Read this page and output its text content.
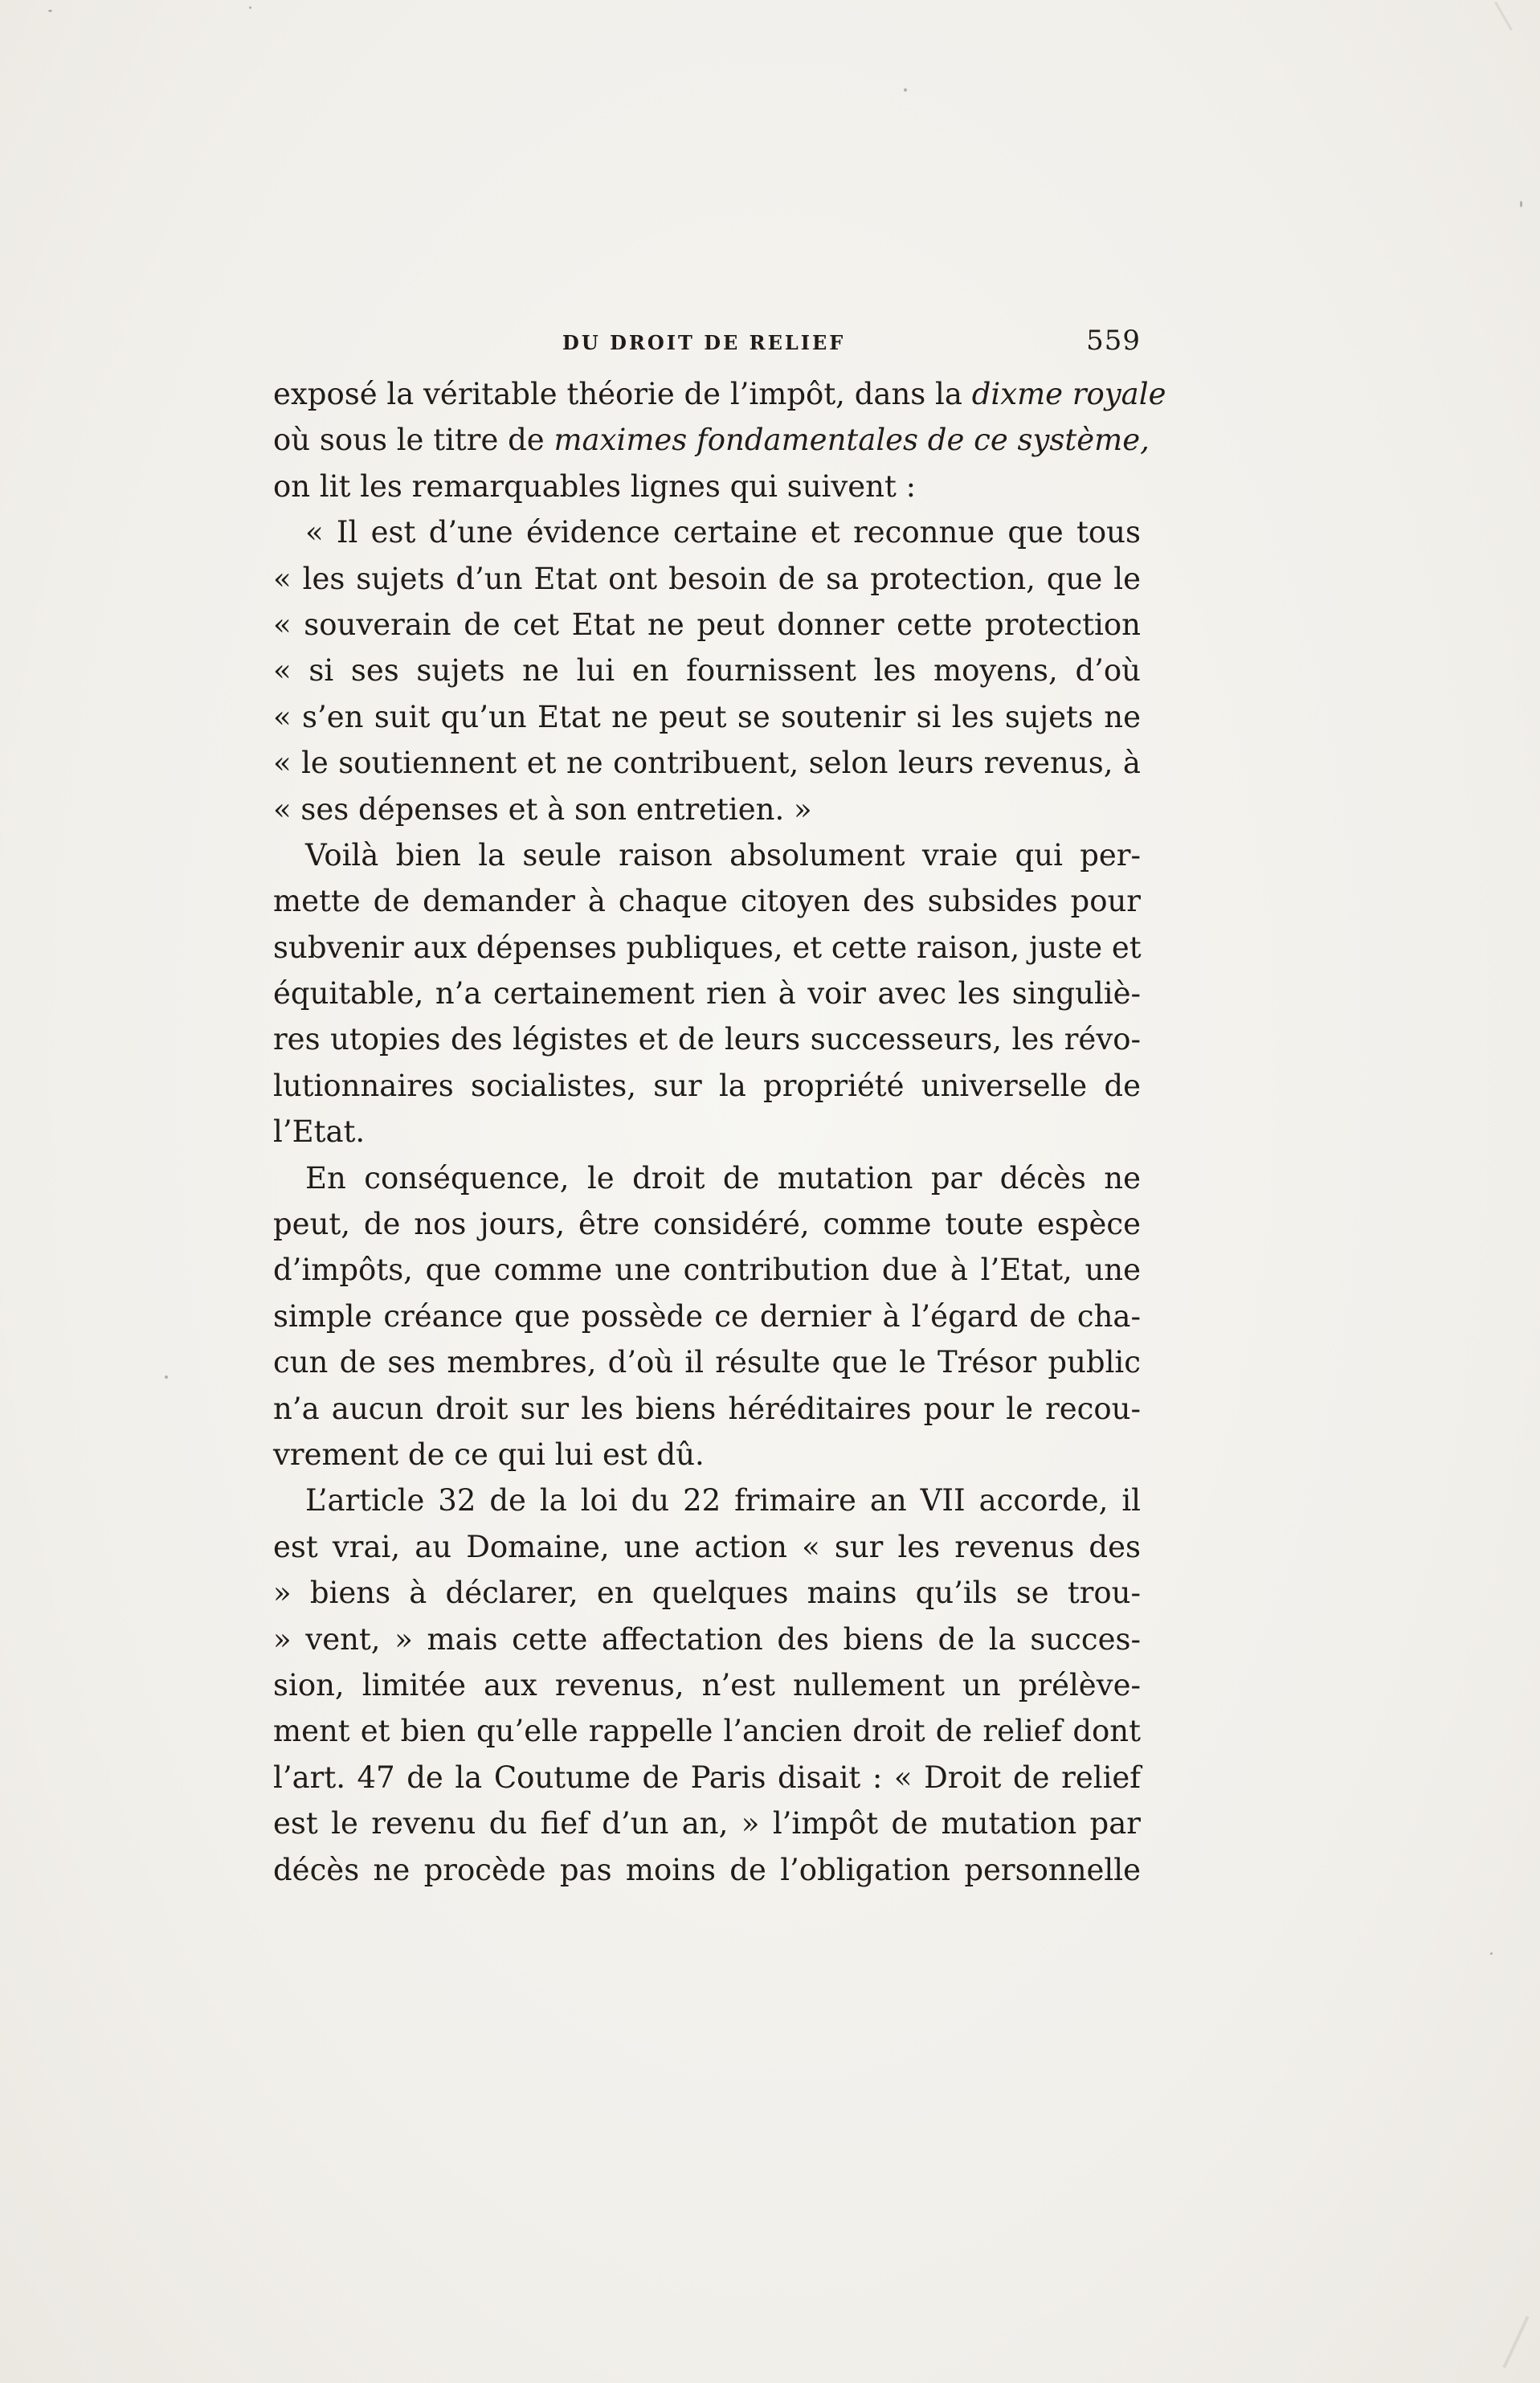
DU DROIT DE RELIEF	559
exposé la véritable théorie de l’impôt, dans la dixme royale
où sous le titre de maximes fondamentales de ce système,
on lit les remarquables lignes qui suivent :
« Il est d’une évidence certaine et reconnue que tous
« les sujets d’un Etat ont besoin de sa protection, que le
« souverain de cet Etat ne peut donner cette protection
« si ses sujets ne lui en fournissent les moyens, d’où
« s’en suit qu’un Etat ne peut se soutenir si les sujets ne
« le soutiennent et ne contribuent, selon leurs revenus, à
« ses dépenses et à son entretien. »
Voilà bien la seule raison absolument vraie qui per-
mette de demander à chaque citoyen des subsides pour
subvenir aux dépenses publiques, et cette raison, juste et
équitable, n’a certainement rien à voir avec les singuliè-
res utopies des légistes et de leurs successeurs, les révo-
lutionnaires socialistes, sur la propriété universelle de
l’Etat.
En conséquence, le droit de mutation par décès ne
peut, de nos jours, être considéré, comme toute espèce
d’impôts, que comme une contribution due à l’Etat, une
simple créance que possède ce dernier à l’égard de cha-
cun de ses membres, d’où il résulte que le Trésor public
n’a aucun droit sur les biens héréditaires pour le recou-
vrement de ce qui lui est dû.
L’article 32 de la loi du 22 frimaire an VII accorde, il
est vrai, au Domaine, une action « sur les revenus des
» biens à déclarer, en quelques mains qu’ils se trou-
» vent, » mais cette affectation des biens de la succes-
sion, limitée aux revenus, n’est nullement un prélève-
ment et bien qu’elle rappelle l’ancien droit de relief dont
l’art. 47 de la Coutume de Paris disait : « Droit de relief
est le revenu du fief d’un an, » l’impôt de mutation par
décès ne procède pas moins de l’obligation personnelle
